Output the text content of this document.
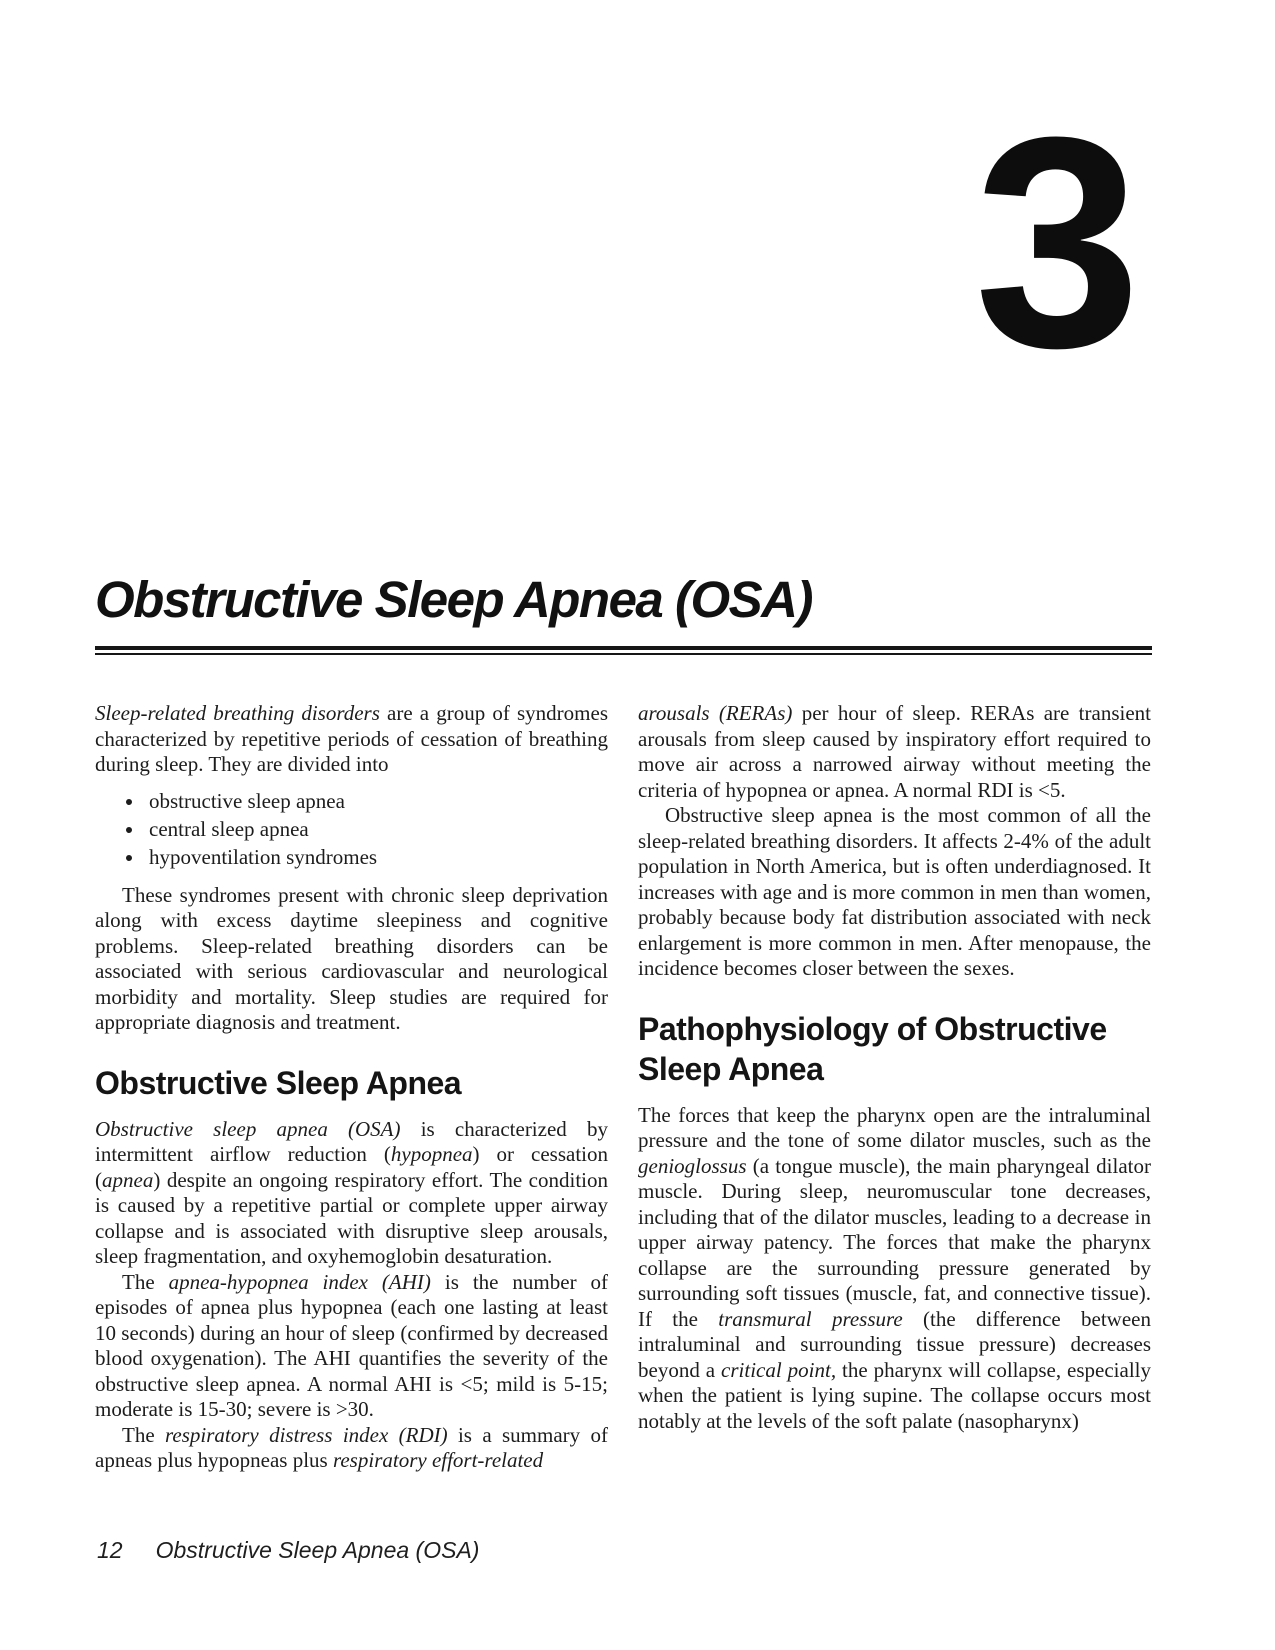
3
Obstructive Sleep Apnea (OSA)

Sleep-related breathing disorders are a group of syndromes characterized by repetitive periods of cessation of breathing during sleep. They are divided into

• obstructive sleep apnea
• central sleep apnea
• hypoventilation syndromes

These syndromes present with chronic sleep deprivation along with excess daytime sleepiness and cognitive problems. Sleep-related breathing disorders can be associated with serious cardiovascular and neurological morbidity and mortality. Sleep studies are required for appropriate diagnosis and treatment.

Obstructive Sleep Apnea

Obstructive sleep apnea (OSA) is characterized by intermittent airflow reduction (hypopnea) or cessation (apnea) despite an ongoing respiratory effort. The condition is caused by a repetitive partial or complete upper airway collapse and is associated with disruptive sleep arousals, sleep fragmentation, and oxyhemoglobin desaturation.

The apnea-hypopnea index (AHI) is the number of episodes of apnea plus hypopnea (each one lasting at least 10 seconds) during an hour of sleep (confirmed by decreased blood oxygenation). The AHI quantifies the severity of the obstructive sleep apnea. A normal AHI is <5; mild is 5-15; moderate is 15-30; severe is >30.

The respiratory distress index (RDI) is a summary of apneas plus hypopneas plus respiratory effort-related

arousals (RERAs) per hour of sleep. RERAs are transient arousals from sleep caused by inspiratory effort required to move air across a narrowed airway without meeting the criteria of hypopnea or apnea. A normal RDI is <5.

Obstructive sleep apnea is the most common of all the sleep-related breathing disorders. It affects 2-4% of the adult population in North America, but is often underdiagnosed. It increases with age and is more common in men than women, probably because body fat distribution associated with neck enlargement is more common in men. After menopause, the incidence becomes closer between the sexes.

Pathophysiology of Obstructive Sleep Apnea

The forces that keep the pharynx open are the intraluminal pressure and the tone of some dilator muscles, such as the genioglossus (a tongue muscle), the main pharyngeal dilator muscle. During sleep, neuromuscular tone decreases, including that of the dilator muscles, leading to a decrease in upper airway patency. The forces that make the pharynx collapse are the surrounding pressure generated by surrounding soft tissues (muscle, fat, and connective tissue). If the transmural pressure (the difference between intraluminal and surrounding tissue pressure) decreases beyond a critical point, the pharynx will collapse, especially when the patient is lying supine. The collapse occurs most notably at the levels of the soft palate (nasopharynx)

12 Obstructive Sleep Apnea (OSA)
